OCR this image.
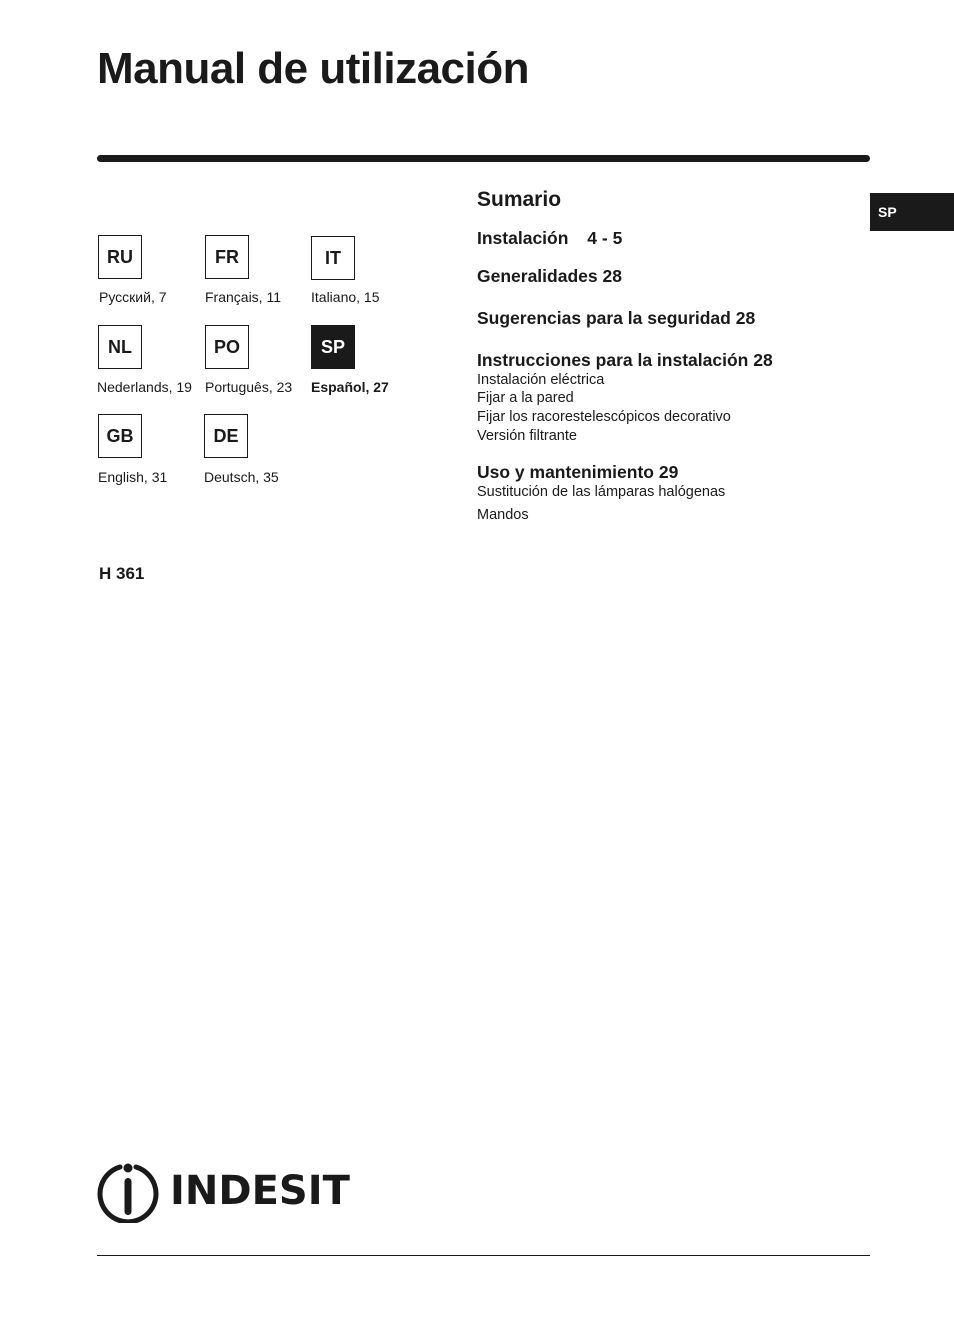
Manual de utilización
SP
RU
Русский, 7
FR
Français, 11
IT
Italiano, 15
NL
Nederlands, 19
PO
Português, 23
SP
Español, 27
GB
English, 31
DE
Deutsch, 35
H 361
Sumario
Instalación 4 - 5
Generalidades 28
Sugerencias para la seguridad 28
Instrucciones para la instalación 28
Instalación eléctrica
Fijar a la pared
Fijar los racorestelescópicos decorativo
Versión filtrante
Uso y mantenimiento 29
Sustitución de las lámparas halógenas
Mandos
INDESIT
